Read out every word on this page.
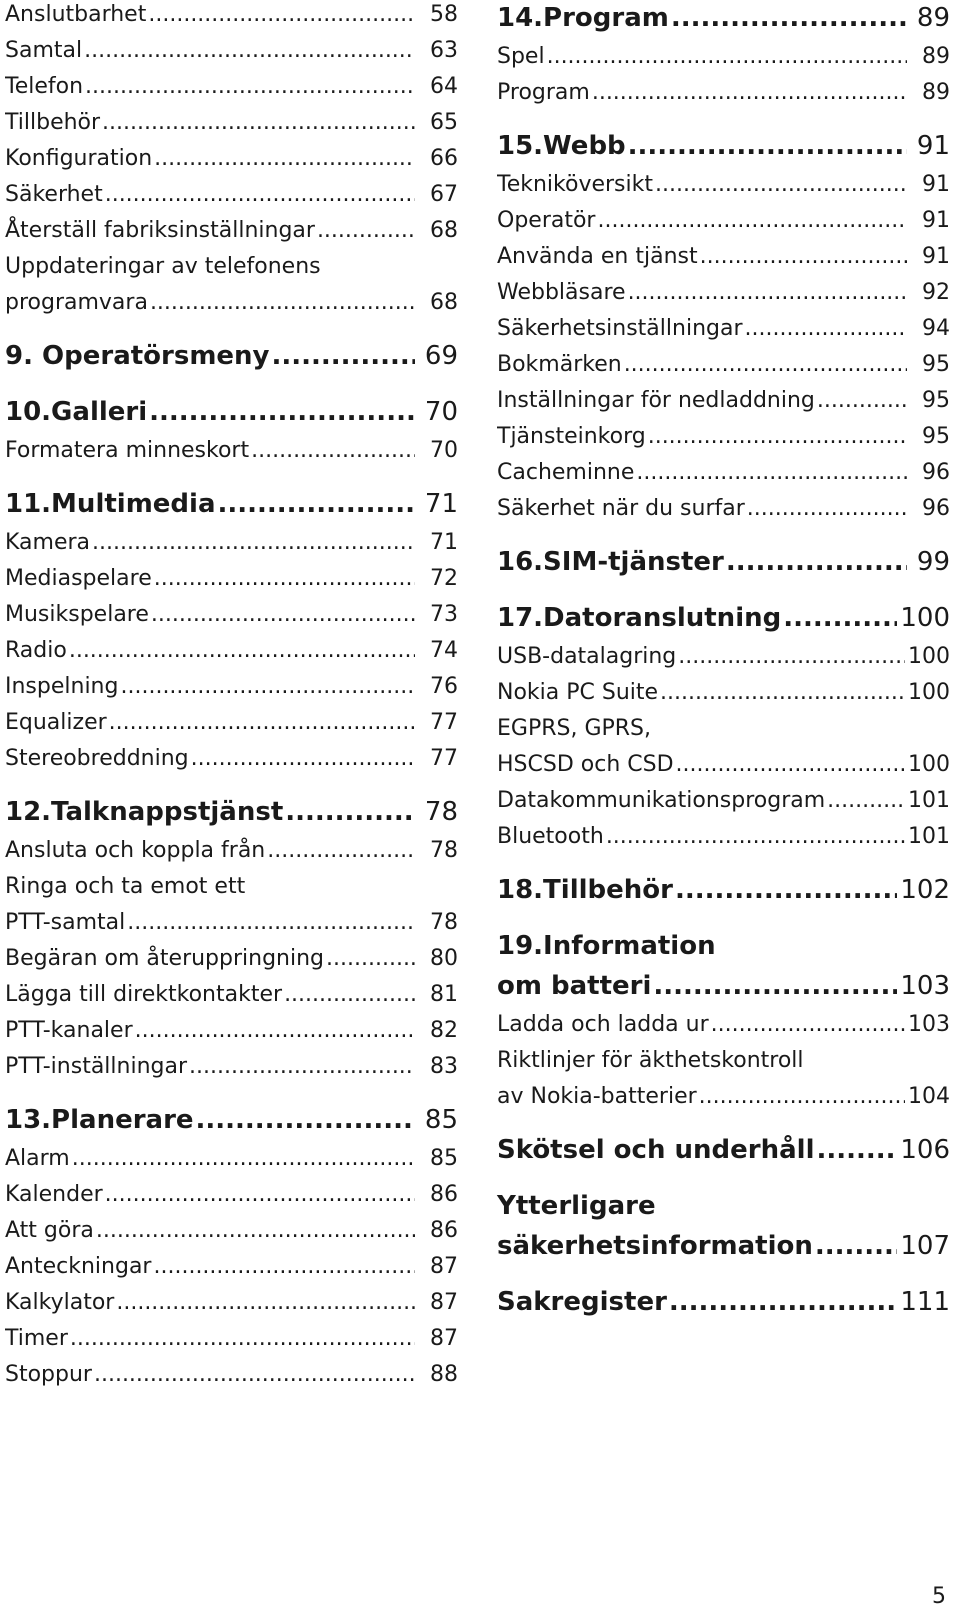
Anslutbarhet .....	58
Samtal .....	63
Telefon .....	64
Tillbehör .....	65
Konfiguration .....	66
Säkerhet .....	67
Återställ fabriksinställningar .....	68
Uppdateringar av telefonens
programvara .....	68
9. Operatörsmeny .....	69
10.Galleri .....	70
Formatera minneskort .....	70
11.Multimedia .....	71
Kamera .....	71
Mediaspelare .....	72
Musikspelare .....	73
Radio .....	74
Inspelning .....	76
Equalizer .....	77
Stereobreddning .....	77
12.Talknappstjänst .....	78
Ansluta och koppla från .....	78
Ringa och ta emot ett
PTT-samtal .....	78
Begäran om återuppringning .....	80
Lägga till direktkontakter .....	81
PTT-kanaler .....	82
PTT-inställningar .....	83
13.Planerare .....	85
Alarm .....	85
Kalender .....	86
Att göra .....	86
Anteckningar .....	87
Kalkylator .....	87
Timer .....	87
Stoppur .....	88
14.Program .....	89
Spel .....	89
Program .....	89
15.Webb .....	91
Tekniköversikt .....	91
Operatör .....	91
Använda en tjänst .....	91
Webbläsare .....	92
Säkerhetsinställningar .....	94
Bokmärken .....	95
Inställningar för nedladdning .....	95
Tjänsteinkorg .....	95
Cacheminne .....	96
Säkerhet när du surfar .....	96
16.SIM-tjänster .....	99
17.Datoranslutning .....	100
USB-datalagring .....	100
Nokia PC Suite .....	100
EGPRS, GPRS,
HSCSD och CSD .....	100
Datakommunikationsprogram .....	101
Bluetooth .....	101
18.Tillbehör .....	102
19.Information
om batteri .....	103
Ladda och ladda ur .....	103
Riktlinjer för äkthetskontroll
av Nokia-batterier .....	104
Skötsel och underhåll .....	106
Ytterligare
säkerhetsinformation .....	107
Sakregister .....	111
5
